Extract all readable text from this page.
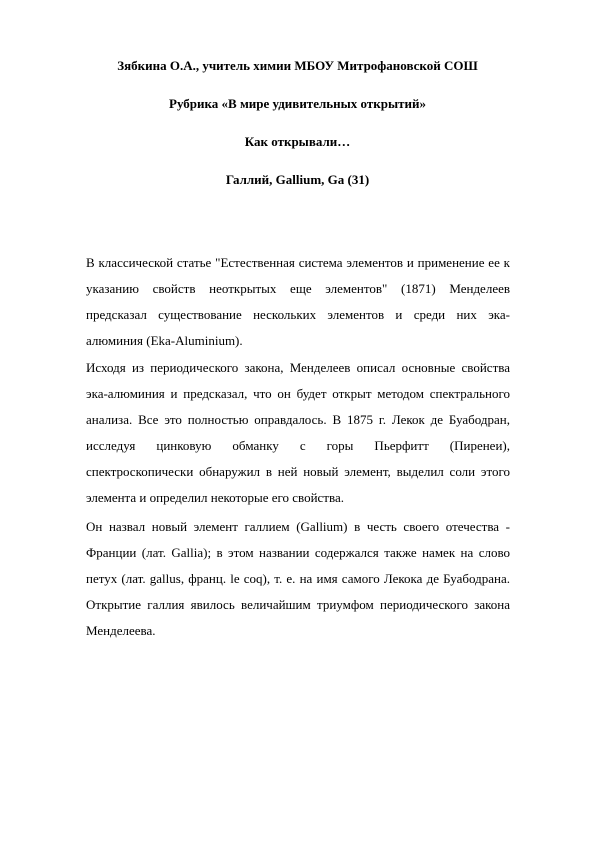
Зябкина О.А., учитель химии МБОУ Митрофановской СОШ
Рубрика «В мире удивительных открытий»
Как открывали…
Галлий, Gallium, Ga (31)

В классической статье "Естественная система элементов и применение ее к указанию свойств неоткрытых еще элементов" (1871) Менделеев предсказал существование нескольких элементов и среди них эка-алюминия (Eka-Aluminium).

Исходя из периодического закона, Менделеев описал основные свойства эка-алюминия и предсказал, что он будет открыт методом спектрального анализа. Все это полностью оправдалось. В 1875 г. Лекок де Буабодран, исследуя цинковую обманку с горы Пьерфитт (Пиренеи), спектроскопически обнаружил в ней новый элемент, выделил соли этого элемента и определил некоторые его свойства.

Он назвал новый элемент галлием (Gallium) в честь своего отечества - Франции (лат. Gallia); в этом названии содержался также намек на слово петух (лат. gallus, франц. le coq), т. е. на имя самого Лекока де Буабодрана. Открытие галлия явилось величайшим триумфом периодического закона Менделеева.
